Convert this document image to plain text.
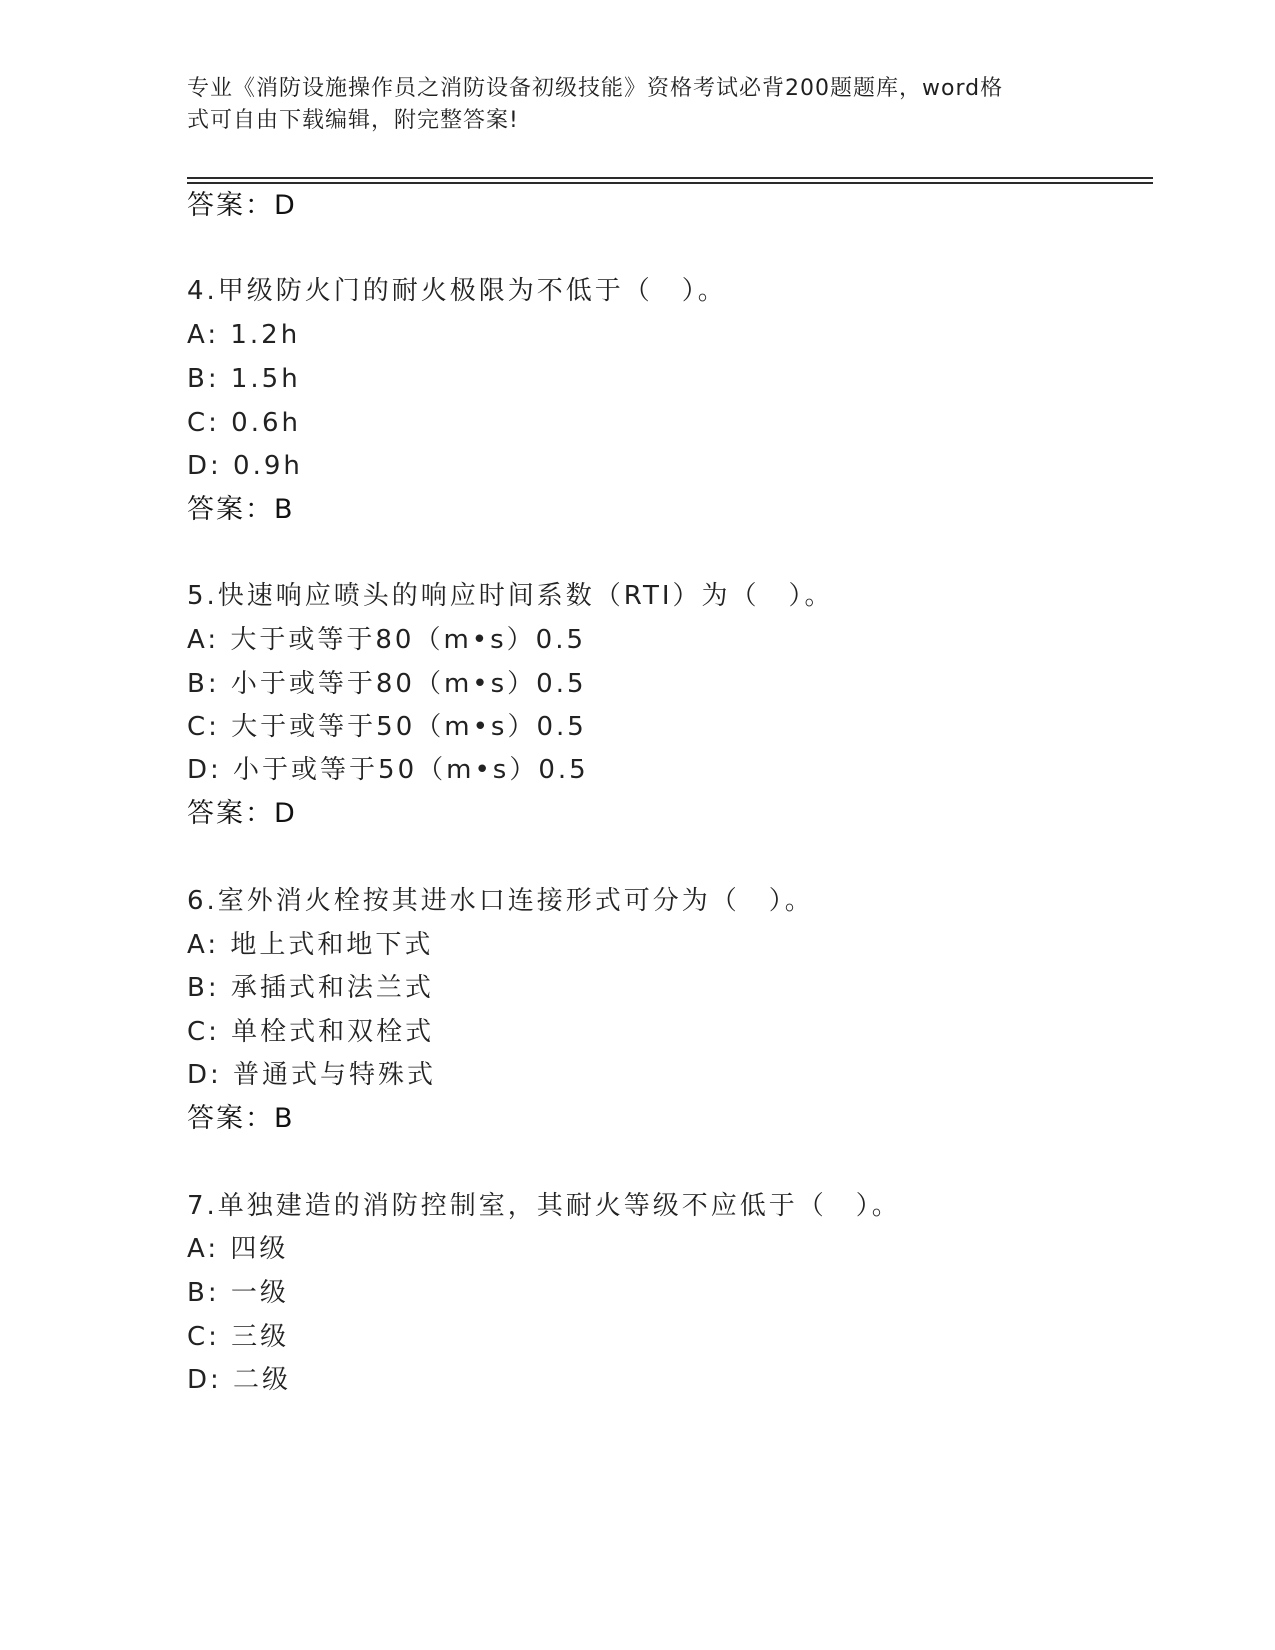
专业《消防设施操作员之消防设备初级技能》资格考试必背200题题库，word格
式可自由下载编辑，附完整答案!
答案：D
4.甲级防火门的耐火极限为不低于（　）。
A: 1.2h
B: 1.5h
C: 0.6h
D: 0.9h
答案：B
5.快速响应喷头的响应时间系数（RTI）为（　）。
A: 大于或等于80（m•s）0.5
B: 小于或等于80（m•s）0.5
C: 大于或等于50（m•s）0.5
D: 小于或等于50（m•s）0.5
答案：D
6.室外消火栓按其进水口连接形式可分为（　）。
A: 地上式和地下式
B: 承插式和法兰式
C: 单栓式和双栓式
D: 普通式与特殊式
答案：B
7.单独建造的消防控制室，其耐火等级不应低于（　）。
A: 四级
B: 一级
C: 三级
D: 二级
